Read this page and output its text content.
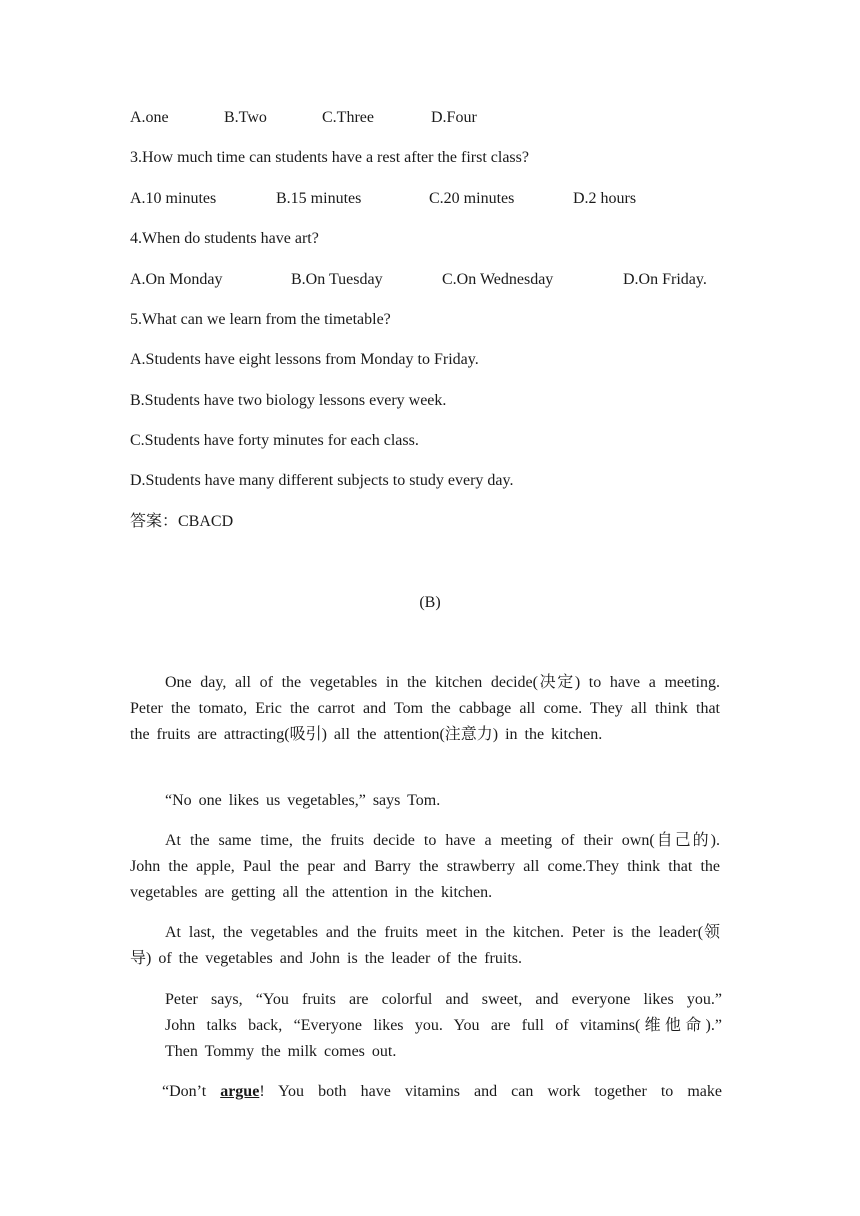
A.one	B.Two	C.Three	D.Four
3.How much time can students have a rest after the first class?
A.10 minutes	B.15 minutes	C.20 minutes	D.2 hours
4.When do students have art?
A.On Monday	B.On Tuesday	C.On Wednesday	D.On Friday.
5.What can we learn from the timetable?
A.Students have eight lessons from Monday to Friday.
B.Students have two biology lessons every week.
C.Students have forty minutes for each class.
D.Students have many different subjects to study every day.
答案：CBACD
(B)
One day, all of the vegetables in the kitchen decide(决定) to have a meeting. Peter the tomato, Eric the carrot and Tom the cabbage all come. They all think that the fruits are attracting(吸引) all the attention(注意力) in the kitchen.
“No one likes us vegetables,” says Tom.
At the same time, the fruits decide to have a meeting of their own(自己的). John the apple, Paul the pear and Barry the strawberry all come.They think that the vegetables are getting all the attention in the kitchen.
At last, the vegetables and the fruits meet in the kitchen. Peter is the leader(领导) of the vegetables and John is the leader of the fruits.
Peter says, “You fruits are colorful and sweet, and everyone likes you.”
John talks back, “Everyone likes you. You are full of vitamins(维他命).”
Then Tommy the milk comes out.
“Don’t argue! You both have vitamins and can work together to make
